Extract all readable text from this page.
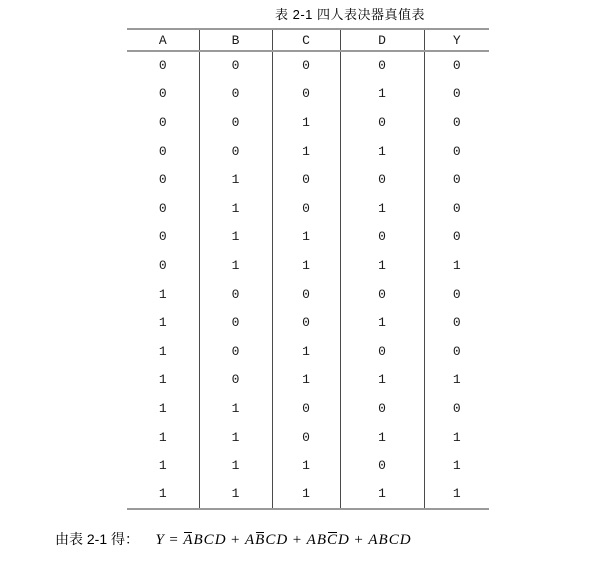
表 2-1 四人表决器真值表
A	B	C	D	Y
0	0	0	0	0
0	0	0	1	0
0	0	1	0	0
0	0	1	1	0
0	1	0	0	0
0	1	0	1	0
0	1	1	0	0
0	1	1	1	1
1	0	0	0	0
1	0	0	1	0
1	0	1	0	0
1	0	1	1	1
1	1	0	0	0
1	1	0	1	1
1	1	1	0	1
1	1	1	1	1
由表 2-1 得： Y = ABCD + ABCD + ABCD + ABCD
